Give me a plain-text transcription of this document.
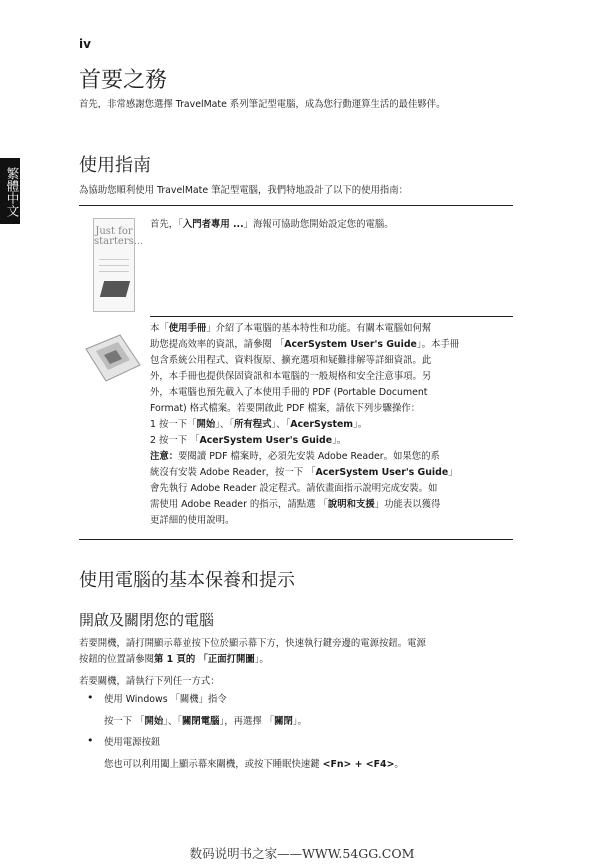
iv
繁體中文
首要之務
首先，非常感謝您選擇 TravelMate 系列筆記型電腦，成為您行動運算生活的最佳夥伴。
使用指南
為協助您順利使用 TravelMate 筆記型電腦，我們特地設計了以下的使用指南：
Just for starters...
首先，「入門者專用 ...」海報可協助您開始設定您的電腦。
本「使用手冊」介紹了本電腦的基本特性和功能。有關本電腦如何幫
助您提高效率的資訊，請參閱 「AcerSystem User's Guide」。本手冊
包含系統公用程式、資料復原、擴充選項和疑難排解等詳細資訊。此
外，本手冊也提供保固資訊和本電腦的一般規格和安全注意事項。另
外，本電腦也預先載入了本使用手冊的 PDF (Portable Document
Format) 格式檔案。若要開啟此 PDF 檔案，請依下列步驟操作：
1 按一下「開始」、「所有程式」、「AcerSystem」。
2 按一下 「AcerSystem User's Guide」。
注意：要閱讀 PDF 檔案時，必須先安裝 Adobe Reader。如果您的系
統沒有安裝 Adobe Reader，按一下 「AcerSystem User's Guide」
會先執行 Adobe Reader 設定程式。請依畫面指示說明完成安裝。如
需使用 Adobe Reader 的指示，請點選 「說明和支援」功能表以獲得
更詳細的使用說明。
使用電腦的基本保養和提示
開啟及關閉您的電腦
若要開機，請打開顯示幕並按下位於顯示幕下方，快速執行鍵旁邊的電源按鈕。電源
按鈕的位置請參閱第 1 頁的 「正面打開圖」。
若要關機，請執行下列任一方式：
• 使用 Windows 「關機」指令
按一下 「開始」、「關閉電腦」，再選擇 「關閉」。
• 使用電源按鈕
您也可以利用闔上顯示幕來關機，或按下睡眠快速鍵 <Fn> + <F4>。
数码说明书之家——WWW.54GG.COM
